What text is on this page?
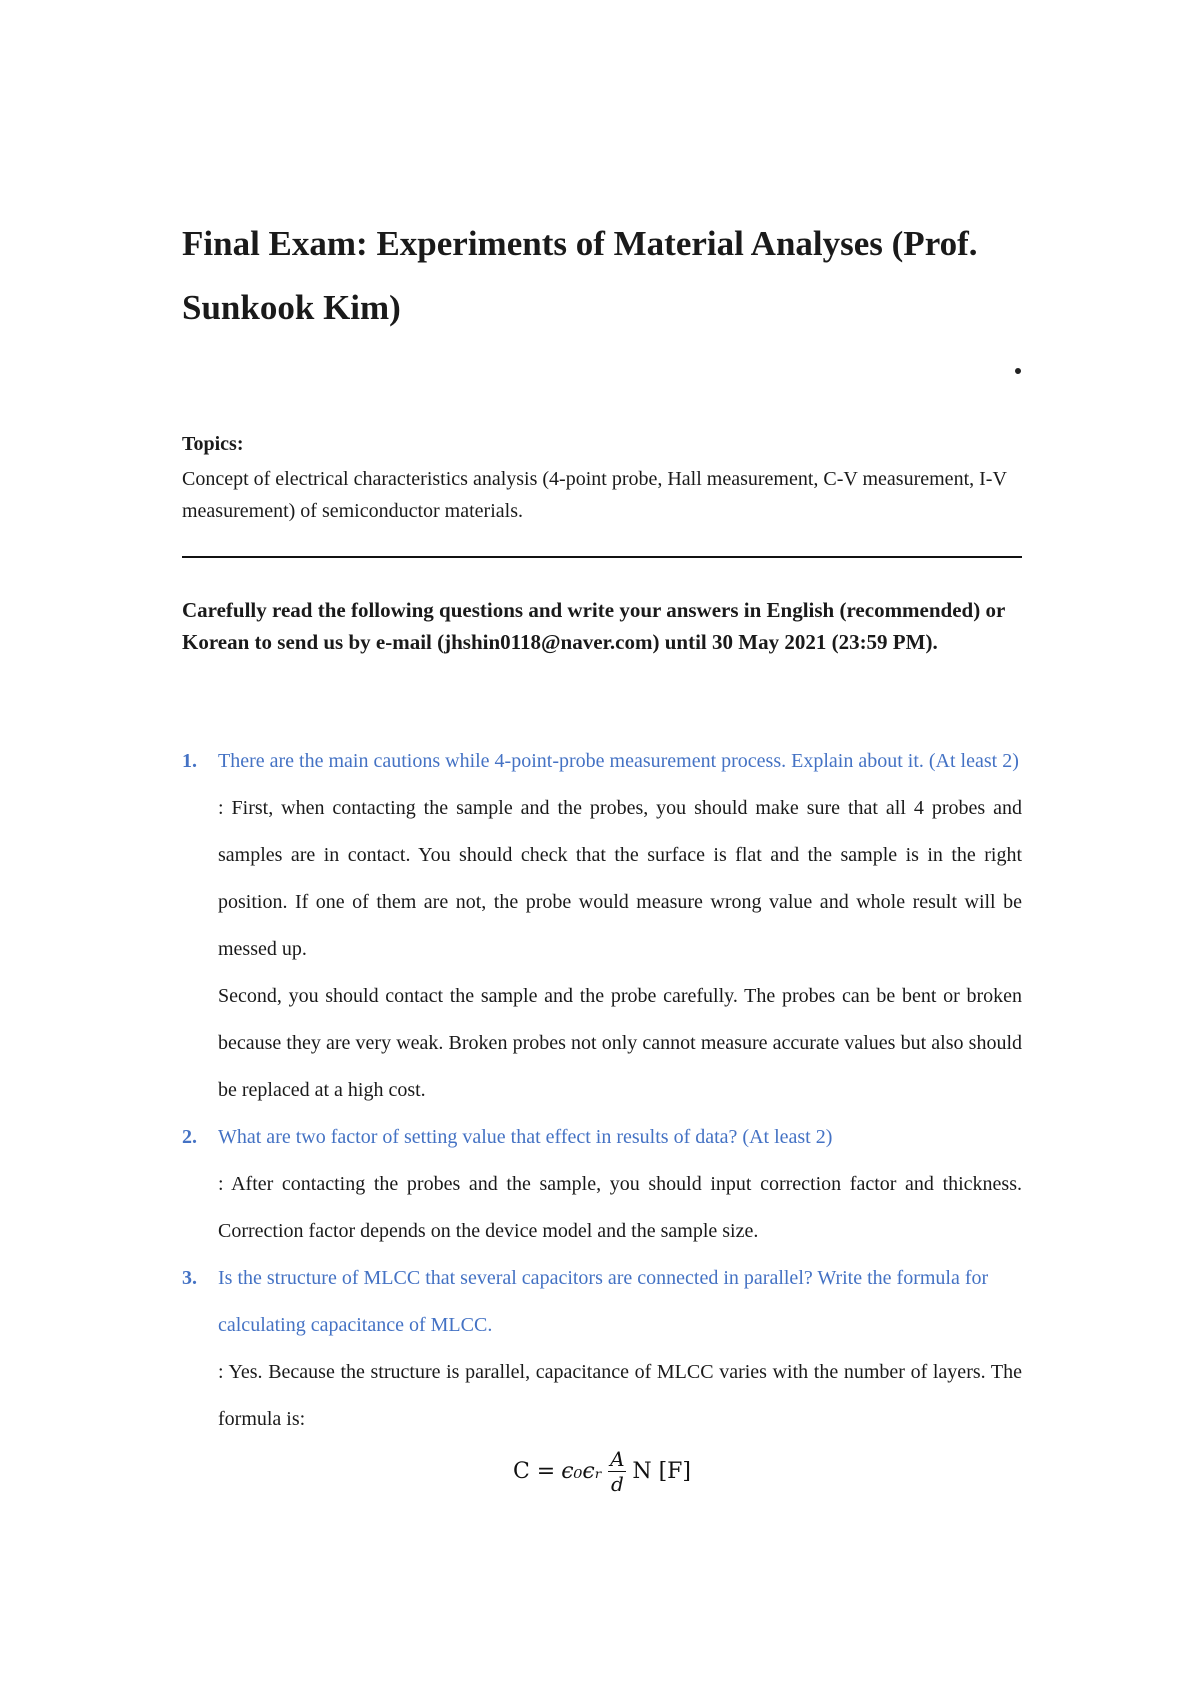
Final Exam: Experiments of Material Analyses (Prof. Sunkook Kim)
Topics:
Concept of electrical characteristics analysis (4-point probe, Hall measurement, C-V measurement, I-V measurement) of semiconductor materials.
Carefully read the following questions and write your answers in English (recommended) or Korean to send us by e-mail (jhshin0118@naver.com) until 30 May 2021 (23:59 PM).
1. There are the main cautions while 4-point-probe measurement process. Explain about it. (At least 2)
: First, when contacting the sample and the probes, you should make sure that all 4 probes and samples are in contact. You should check that the surface is flat and the sample is in the right position. If one of them are not, the probe would measure wrong value and whole result will be messed up.
Second, you should contact the sample and the probe carefully. The probes can be bent or broken because they are very weak. Broken probes not only cannot measure accurate values but also should be replaced at a high cost.
2. What are two factor of setting value that effect in results of data? (At least 2)
: After contacting the probes and the sample, you should input correction factor and thickness. Correction factor depends on the device model and the sample size.
3. Is the structure of MLCC that several capacitors are connected in parallel? Write the formula for calculating capacitance of MLCC.
: Yes. Because the structure is parallel, capacitance of MLCC varies with the number of layers. The formula is:
C = ϵ₀ϵᵣ $\frac{A}{d}$ N [F]
